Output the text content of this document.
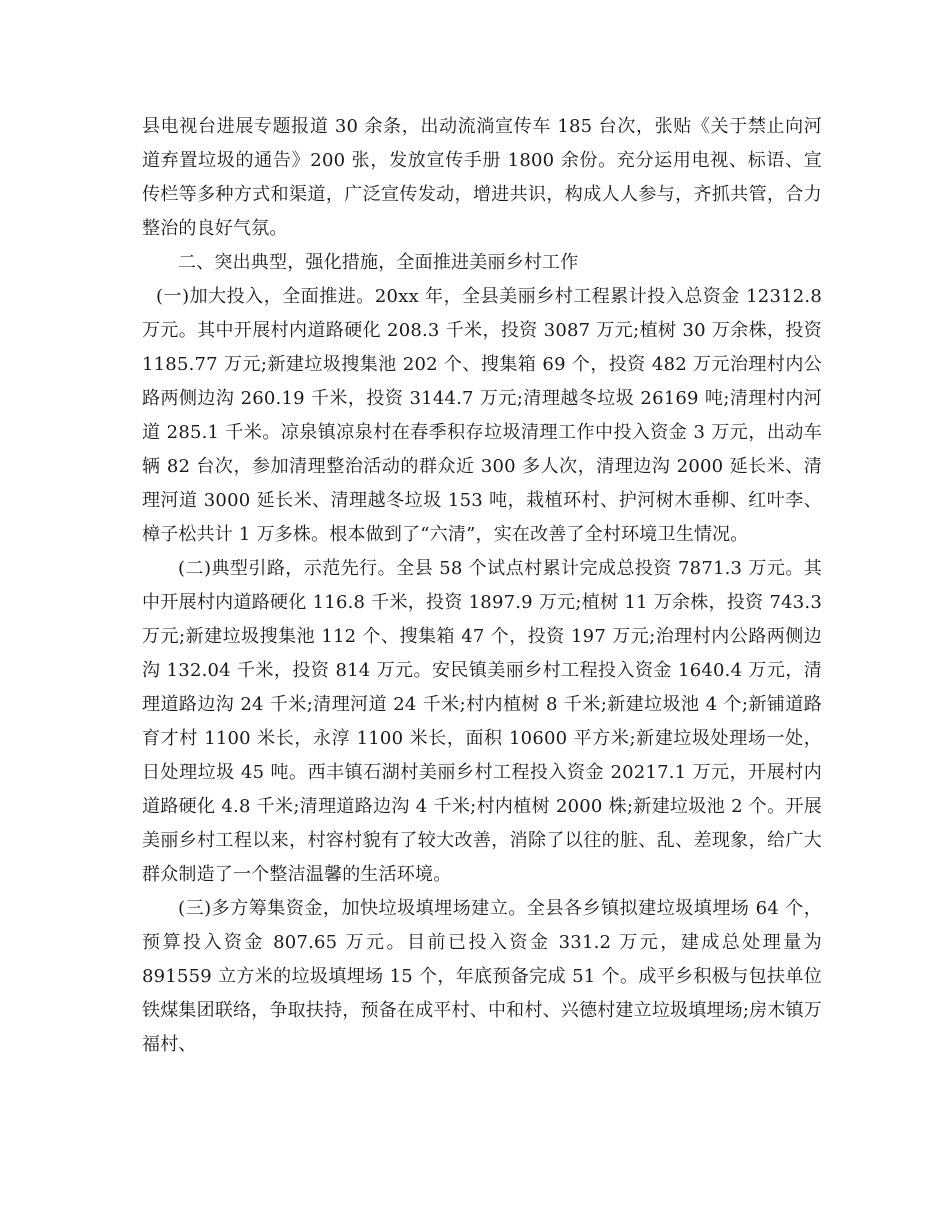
县电视台进展专题报道 30 余条，出动流淌宣传车 185 台次，张贴《关于禁止向河道弃置垃圾的通告》200 张，发放宣传手册 1800 余份。充分运用电视、标语、宣传栏等多种方式和渠道，广泛宣传发动，增进共识，构成人人参与，齐抓共管，合力整治的良好气氛。

二、突出典型，强化措施，全面推进美丽乡村工作

(一)加大投入，全面推进。20xx 年，全县美丽乡村工程累计投入总资金 12312.8 万元。其中开展村内道路硬化 208.3 千米，投资 3087 万元;植树 30 万余株，投资 1185.77 万元;新建垃圾搜集池 202 个、搜集箱 69 个，投资 482 万元治理村内公路两侧边沟 260.19 千米，投资 3144.7 万元;清理越冬垃圾 26169 吨;清理村内河道 285.1 千米。凉泉镇凉泉村在春季积存垃圾清理工作中投入资金 3 万元，出动车辆 82 台次，参加清理整治活动的群众近 300 多人次，清理边沟 2000 延长米、清理河道 3000 延长米、清理越冬垃圾 153 吨，栽植环村、护河树木垂柳、红叶李、樟子松共计 1 万多株。根本做到了“六清”，实在改善了全村环境卫生情况。

(二)典型引路，示范先行。全县 58 个试点村累计完成总投资 7871.3 万元。其中开展村内道路硬化 116.8 千米，投资 1897.9 万元;植树 11 万余株，投资 743.3 万元;新建垃圾搜集池 112 个、搜集箱 47 个，投资 197 万元;治理村内公路两侧边沟 132.04 千米，投资 814 万元。安民镇美丽乡村工程投入资金 1640.4 万元，清理道路边沟 24 千米;清理河道 24 千米;村内植树 8 千米;新建垃圾池 4 个;新铺道路育才村 1100 米长，永淳 1100 米长，面积 10600 平方米;新建垃圾处理场一处，日处理垃圾 45 吨。西丰镇石湖村美丽乡村工程投入资金 20217.1 万元，开展村内道路硬化 4.8 千米;清理道路边沟 4 千米;村内植树 2000 株;新建垃圾池 2 个。开展美丽乡村工程以来，村容村貌有了较大改善，消除了以往的脏、乱、差现象，给广大群众制造了一个整洁温馨的生活环境。

(三)多方筹集资金，加快垃圾填埋场建立。全县各乡镇拟建垃圾填埋场 64 个，预算投入资金 807.65 万元。目前已投入资金 331.2 万元，建成总处理量为 891559 立方米的垃圾填埋场 15 个，年底预备完成 51 个。成平乡积极与包扶单位铁煤集团联络，争取扶持，预备在成平村、中和村、兴德村建立垃圾填埋场;房木镇万福村、
